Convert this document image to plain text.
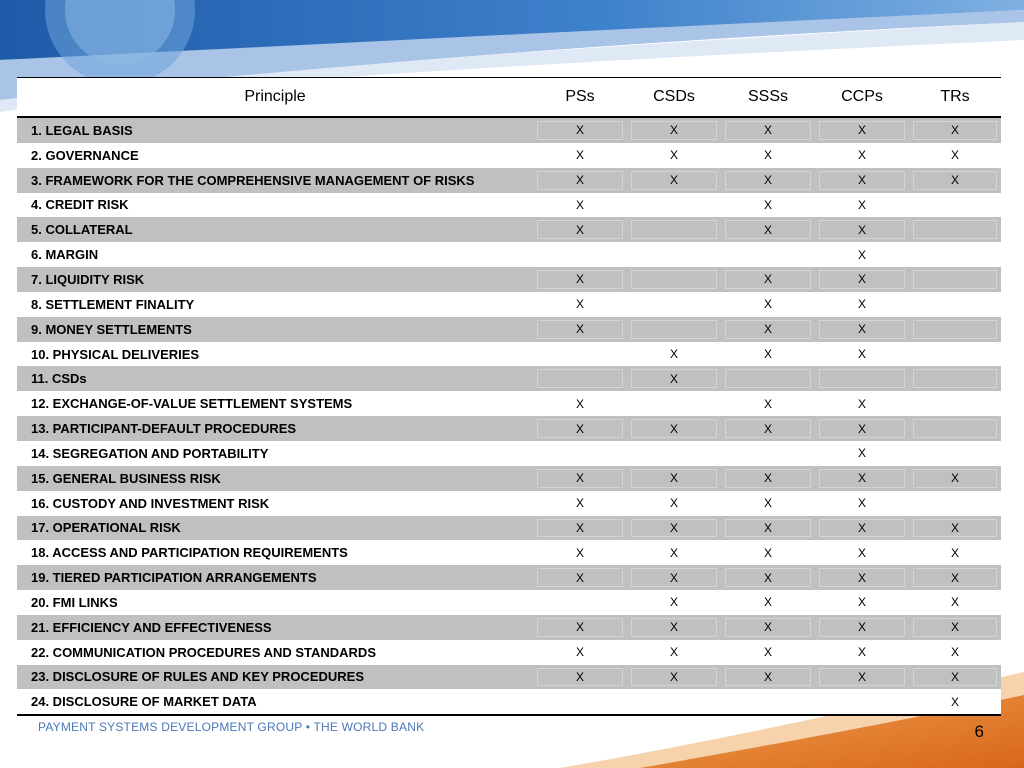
Principle	PSs	CSDs	SSSs	CCPs	TRs
1. LEGAL BASIS	X	X	X	X	X
2. GOVERNANCE	X	X	X	X	X
3. FRAMEWORK FOR THE COMPREHENSIVE MANAGEMENT OF RISKS	X	X	X	X	X
4. CREDIT RISK	X		X	X	
5. COLLATERAL	X		X	X	
6. MARGIN				X	
7. LIQUIDITY RISK	X		X	X	
8. SETTLEMENT FINALITY	X		X	X	
9. MONEY SETTLEMENTS	X		X	X	
10. PHYSICAL DELIVERIES		X	X	X	
11. CSDs		X			
12. EXCHANGE-OF-VALUE SETTLEMENT SYSTEMS	X		X	X	
13. PARTICIPANT-DEFAULT PROCEDURES	X	X	X	X	
14. SEGREGATION AND PORTABILITY				X	
15. GENERAL BUSINESS RISK	X	X	X	X	X
16. CUSTODY AND INVESTMENT RISK	X	X	X	X	
17. OPERATIONAL RISK	X	X	X	X	X
18. ACCESS AND PARTICIPATION REQUIREMENTS	X	X	X	X	X
19. TIERED PARTICIPATION ARRANGEMENTS	X	X	X	X	X
20. FMI LINKS		X	X	X	X
21. EFFICIENCY AND EFFECTIVENESS	X	X	X	X	X
22. COMMUNICATION PROCEDURES AND STANDARDS	X	X	X	X	X
23. DISCLOSURE OF RULES AND KEY PROCEDURES	X	X	X	X	X
24. DISCLOSURE OF MARKET DATA					X
PAYMENT SYSTEMS DEVELOPMENT GROUP • THE WORLD BANK	6
